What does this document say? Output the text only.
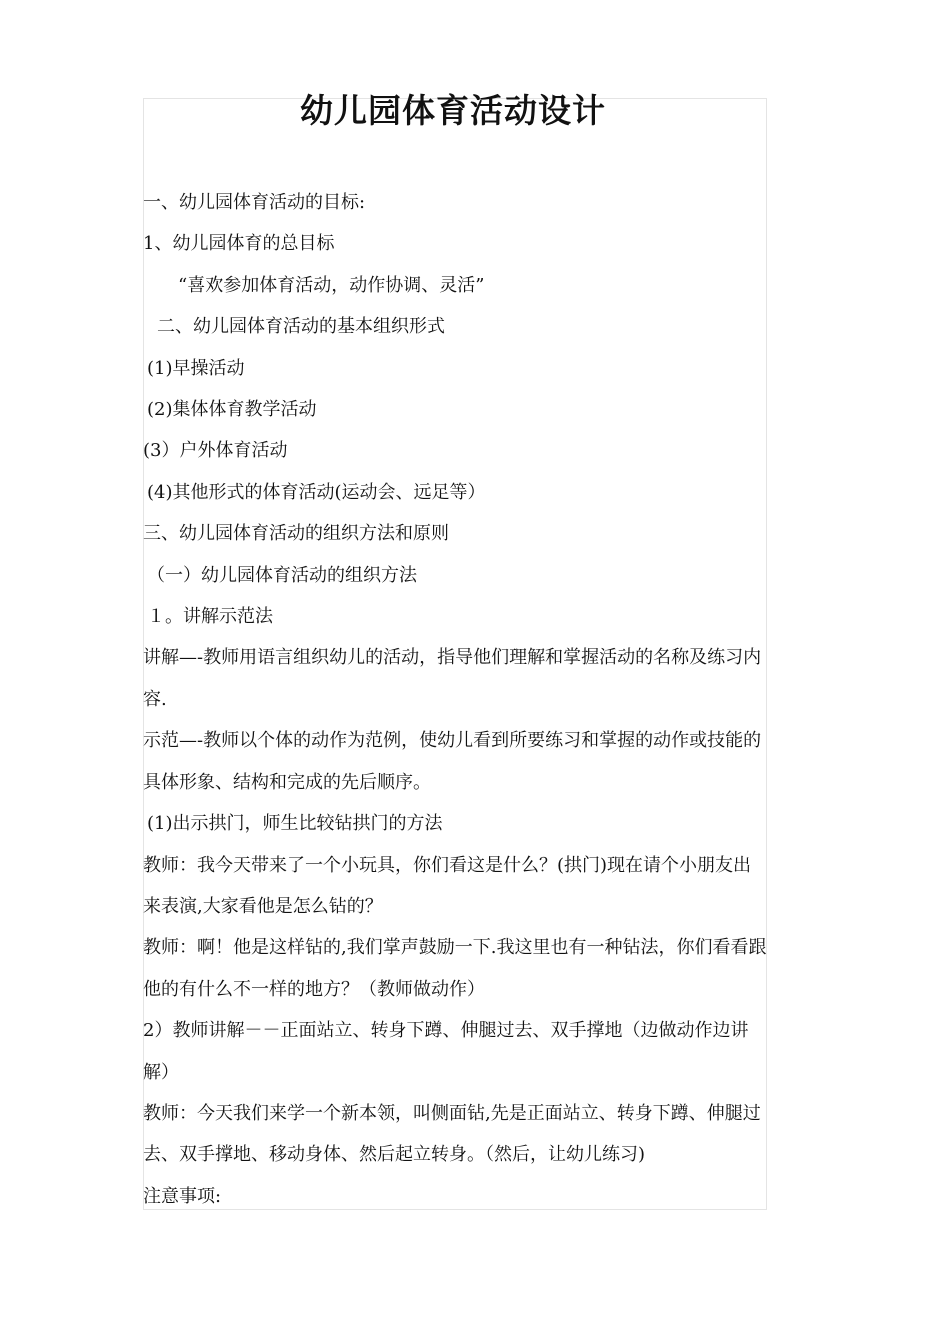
幼儿园体育活动设计

一、幼儿园体育活动的目标:

1、幼儿园体育的总目标

“喜欢参加体育活动，动作协调、灵活”

二、幼儿园体育活动的基本组织形式

(1)早操活动

(2)集体体育教学活动

(3）户外体育活动

(4)其他形式的体育活动(运动会、远足等）

三、幼儿园体育活动的组织方法和原则

（一）幼儿园体育活动的组织方法

１。讲解示范法

讲解—-教师用语言组织幼儿的活动，指导他们理解和掌握活动的名称及练习内容.

示范—-教师以个体的动作为范例，使幼儿看到所要练习和掌握的动作或技能的具体形象、结构和完成的先后顺序。

(1)出示拱门，师生比较钻拱门的方法

教师：我今天带来了一个小玩具，你们看这是什么？(拱门)现在请个小朋友出来表演,大家看他是怎么钻的？

教师：啊！他是这样钻的,我们掌声鼓励一下.我这里也有一种钻法，你们看看跟他的有什么不一样的地方？（教师做动作）

2）教师讲解－－正面站立、转身下蹲、伸腿过去、双手撑地（边做动作边讲解）

教师：今天我们来学一个新本领，叫侧面钻,先是正面站立、转身下蹲、伸腿过去、双手撑地、移动身体、然后起立转身。（然后，让幼儿练习)

注意事项:
